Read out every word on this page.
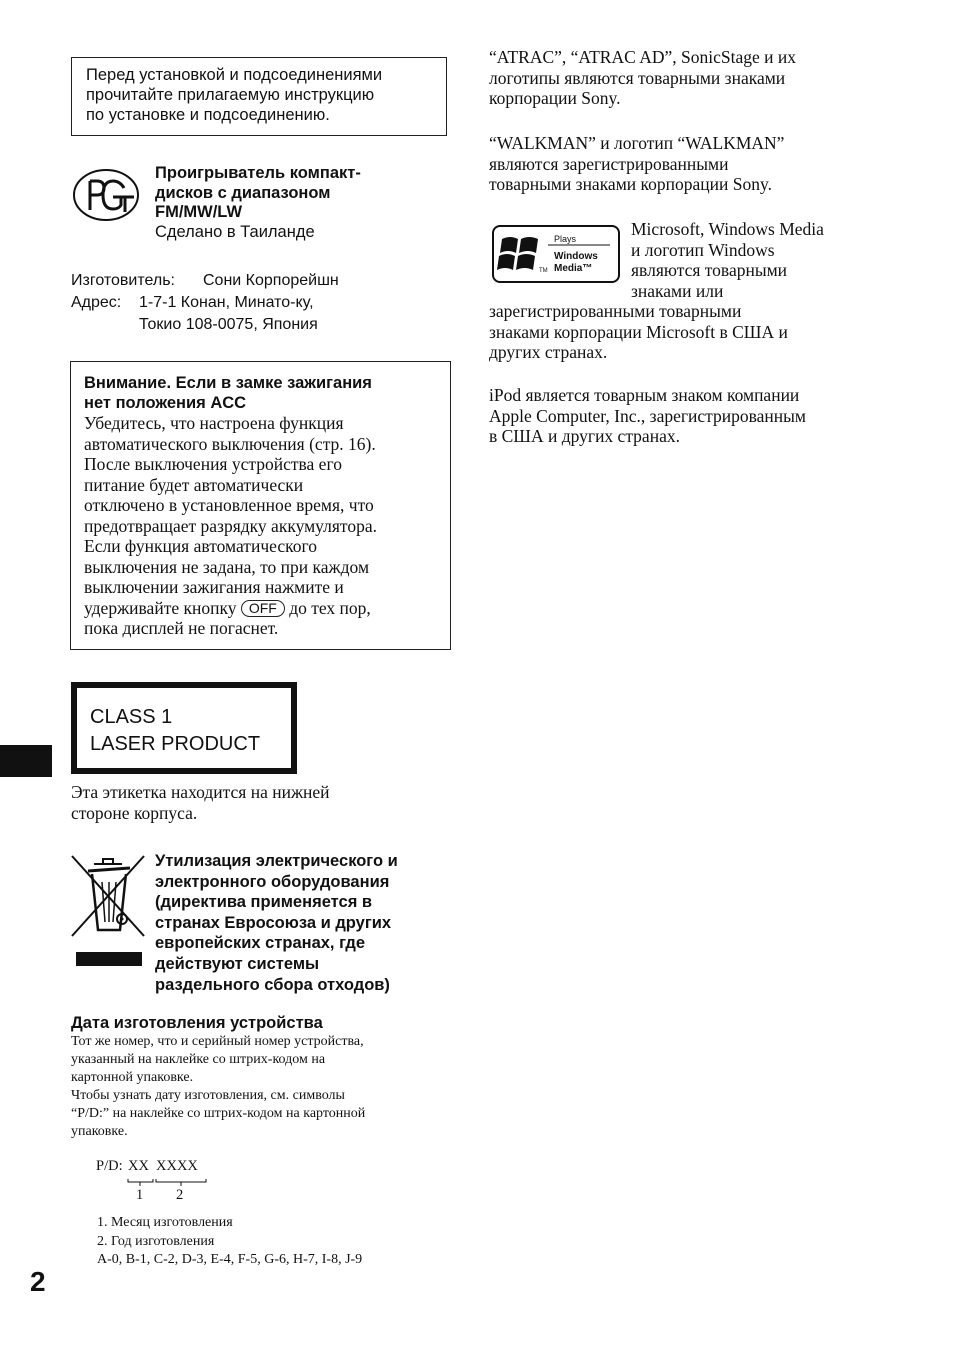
Перед установкой и подсоединениями
прочитайте прилагаемую инструкцию
по установке и подсоединению.
Проигрыватель компакт-
дисков с диапазоном
FM/MW/LW
Сделано в Таиланде
Изготовитель: Сони Корпорейшн
Адрес: 1-7-1 Конан, Минато-ку,
Токио 108-0075, Япония
Внимание. Если в замке зажигания
нет положения ACC
Убедитесь, что настроена функция
автоматического выключения (стр. 16).
После выключения устройства его
питание будет автоматически
отключено в установленное время, что
предотвращает разрядку аккумулятора.
Если функция автоматического
выключения не задана, то при каждом
выключении зажигания нажмите и
удерживайте кнопку OFF до тех пор,
пока дисплей не погаснет.
CLASS 1
LASER PRODUCT
Эта этикетка находится на нижней
стороне корпуса.
Утилизация электрического и
электронного оборудования
(директива применяется в
странах Евросоюза и других
европейских странах, где
действуют системы
раздельного сбора отходов)
Дата изготовления устройства
Тот же номер, что и серийный номер устройства,
указанный на наклейке со штрих-кодом на
картонной упаковке.
Чтобы узнать дату изготовления, см. символы
“P/D:” на наклейке со штрих-кодом на картонной
упаковке.
P/D: XX XXXX
1 2
1. Месяц изготовления
2. Год изготовления
A-0, B-1, C-2, D-3, E-4, F-5, G-6, H-7, I-8, J-9
2
“ATRAC”, “ATRAC AD”, SonicStage и их
логотипы являются товарными знаками
корпорации Sony.
“WALKMAN” и логотип “WALKMAN”
являются зарегистрированными
товарными знаками корпорации Sony.
Plays
Windows
Media™
TM
Microsoft, Windows Media
и логотип Windows
являются товарными
знаками или
зарегистрированными товарными
знаками корпорации Microsoft в США и
других странах.
iPod является товарным знаком компании
Apple Computer, Inc., зарегистрированным
в США и других странах.
